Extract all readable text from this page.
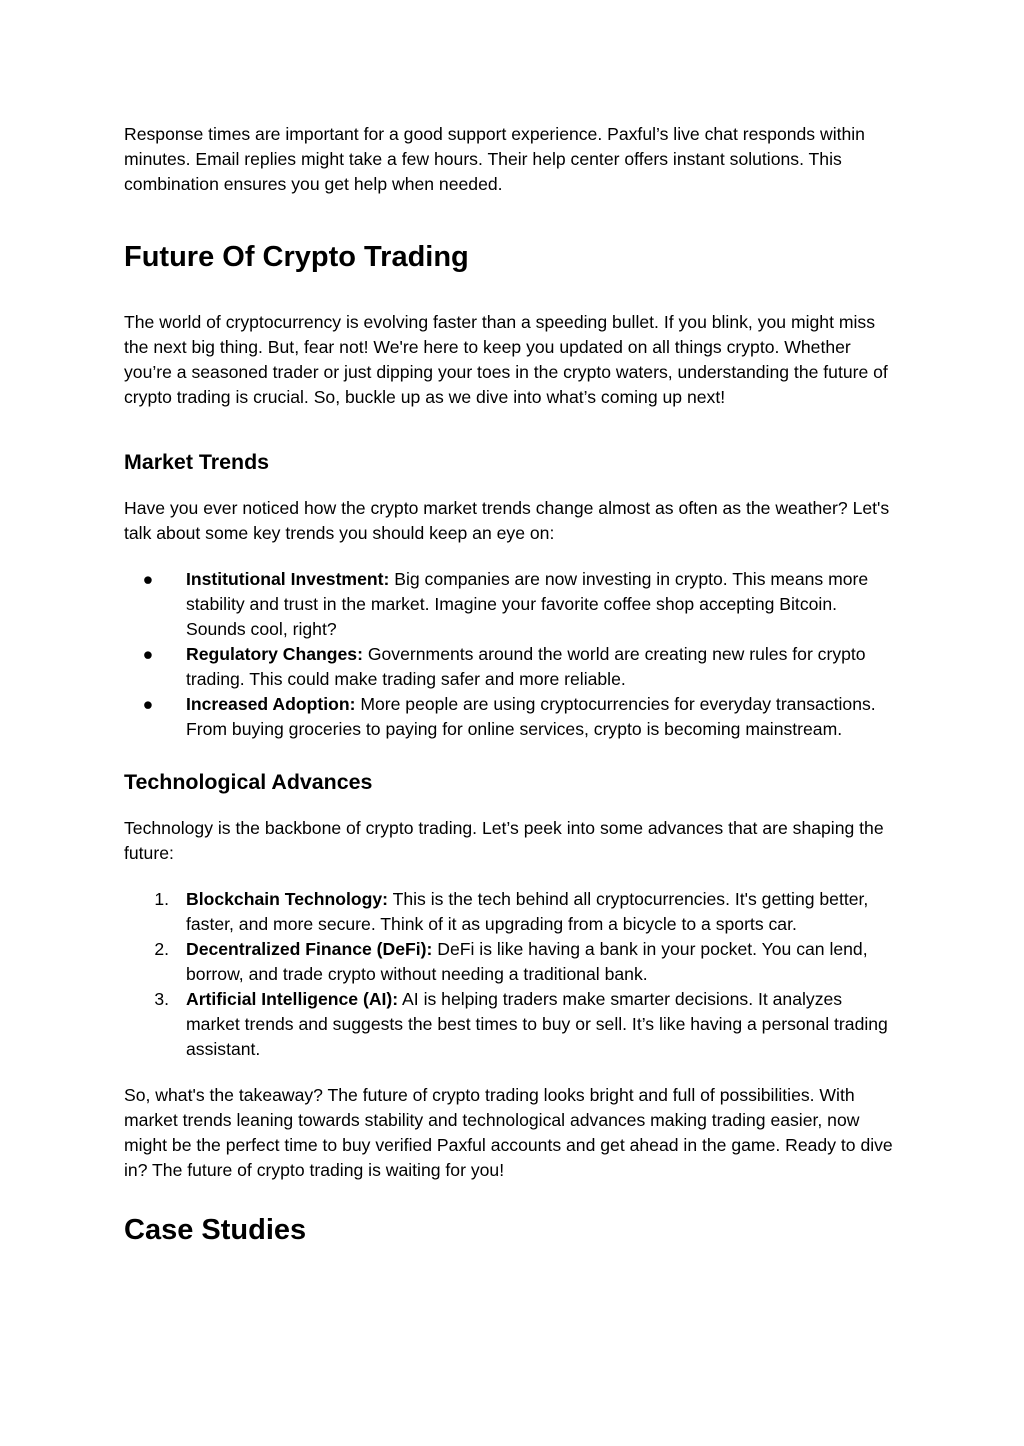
Response times are important for a good support experience. Paxful’s live chat responds within minutes. Email replies might take a few hours. Their help center offers instant solutions. This combination ensures you get help when needed.

Future Of Crypto Trading

The world of cryptocurrency is evolving faster than a speeding bullet. If you blink, you might miss the next big thing. But, fear not! We're here to keep you updated on all things crypto. Whether you’re a seasoned trader or just dipping your toes in the crypto waters, understanding the future of crypto trading is crucial. So, buckle up as we dive into what’s coming up next!

Market Trends

Have you ever noticed how the crypto market trends change almost as often as the weather? Let's talk about some key trends you should keep an eye on:

●	Institutional Investment: Big companies are now investing in crypto. This means more stability and trust in the market. Imagine your favorite coffee shop accepting Bitcoin. Sounds cool, right?
●	Regulatory Changes: Governments around the world are creating new rules for crypto trading. This could make trading safer and more reliable.
●	Increased Adoption: More people are using cryptocurrencies for everyday transactions. From buying groceries to paying for online services, crypto is becoming mainstream.
Technological Advances

Technology is the backbone of crypto trading. Let’s peek into some advances that are shaping the future:

1. Blockchain Technology: This is the tech behind all cryptocurrencies. It's getting better, faster, and more secure. Think of it as upgrading from a bicycle to a sports car.
2. Decentralized Finance (DeFi): DeFi is like having a bank in your pocket. You can lend, borrow, and trade crypto without needing a traditional bank.
3. Artificial Intelligence (AI): AI is helping traders make smarter decisions. It analyzes market trends and suggests the best times to buy or sell. It’s like having a personal trading assistant.

So, what's the takeaway? The future of crypto trading looks bright and full of possibilities. With market trends leaning towards stability and technological advances making trading easier, now might be the perfect time to buy verified Paxful accounts and get ahead in the game. Ready to dive in? The future of crypto trading is waiting for you!

Case Studies
